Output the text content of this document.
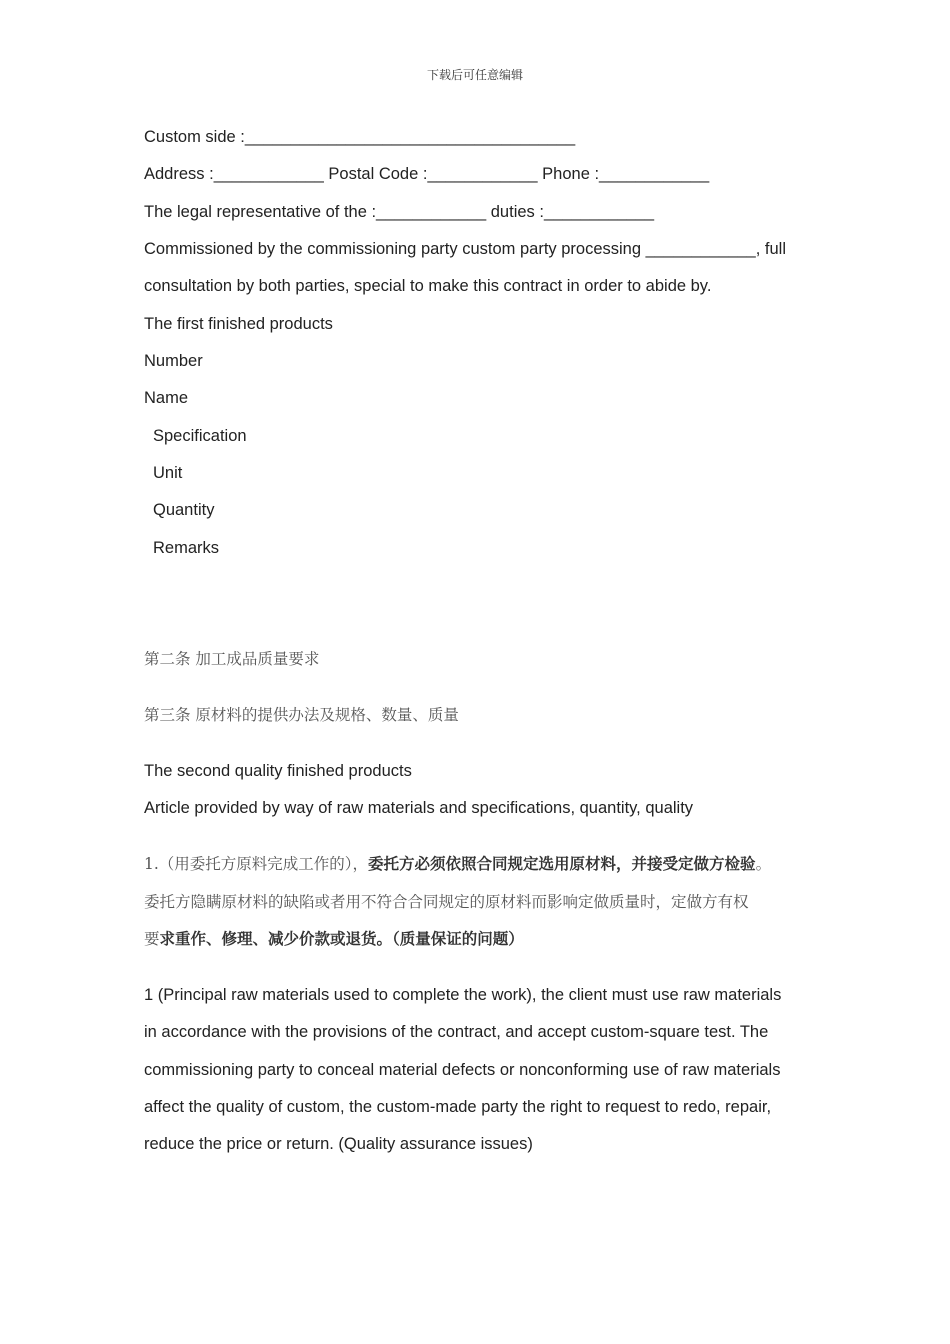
下载后可任意编辑
Custom side :____________________________________
Address :____________ Postal Code :____________ Phone :____________
The legal representative of the :____________ duties :____________
Commissioned by the commissioning party custom party processing ____________, full
consultation by both parties, special to make this contract in order to abide by.
The first finished products
Number
Name
Specification
Unit
Quantity
Remarks
第二条 加工成品质量要求
第三条 原材料的提供办法及规格、数量、质量
The second quality finished products
Article provided by way of raw materials and specifications, quantity, quality
1.（用委托方原料完成工作的），委托方必须依照合同规定选用原材料，并接受定做方检验。
委托方隐瞒原材料的缺陷或者用不符合合同规定的原材料而影响定做质量时，定做方有权
要求重作、修理、减少价款或退货。（质量保证的问题）
1 (Principal raw materials used to complete the work), the client must use raw materials
in accordance with the provisions of the contract, and accept custom-square test. The
commissioning party to conceal material defects or nonconforming use of raw materials
affect the quality of custom, the custom-made party the right to request to redo, repair,
reduce the price or return. (Quality assurance issues)
